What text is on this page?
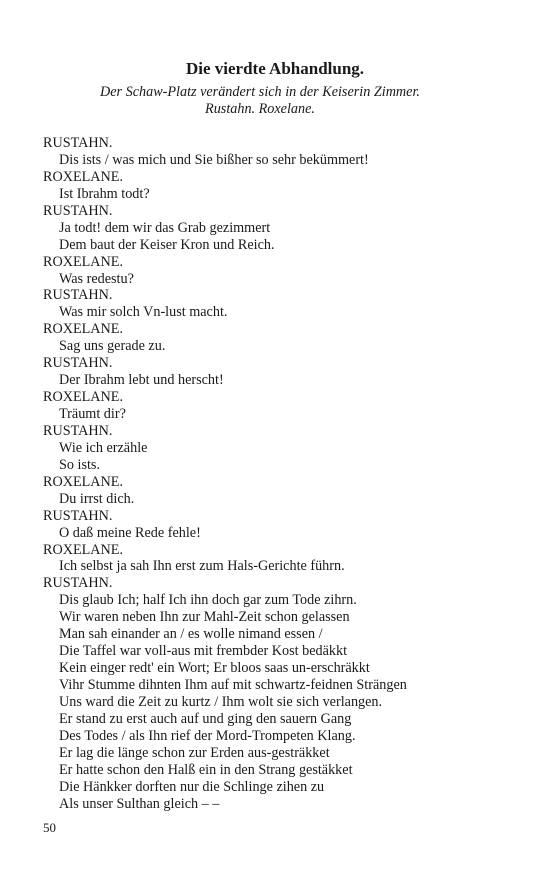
Die vierdte Abhandlung.
Der Schaw-Platz verändert sich in der Keiserin Zimmer.
Rustahn. Roxelane.
RUSTAHN.
Dis ists / was mich und Sie bißher so sehr bekümmert!
ROXELANE.
Ist Ibrahm todt?
RUSTAHN.
Ja todt! dem wir das Grab gezimmert
Dem baut der Keiser Kron und Reich.
ROXELANE.
Was redestu?
RUSTAHN.
Was mir solch Vn-lust macht.
ROXELANE.
Sag uns gerade zu.
RUSTAHN.
Der Ibrahm lebt und herscht!
ROXELANE.
Träumt dir?
RUSTAHN.
Wie ich erzähle
So ists.
ROXELANE.
Du irrst dich.
RUSTAHN.
O daß meine Rede fehle!
ROXELANE.
Ich selbst ja sah Ihn erst zum Hals-Gerichte führn.
RUSTAHN.
Dis glaub Ich; half Ich ihn doch gar zum Tode zihrn.
Wir waren neben Ihn zur Mahl-Zeit schon gelassen
Man sah einander an / es wolle nimand essen /
Die Taffel war voll-aus mit frembder Kost bedäkkt
Kein einger redt' ein Wort; Er bloos saas un-erschräkkt
Vihr Stumme dihnten Ihm auf mit schwartz-feidnen Strängen
Uns ward die Zeit zu kurtz / Ihm wolt sie sich verlangen.
Er stand zu erst auch auf und ging den sauern Gang
Des Todes / als Ihn rief der Mord-Trompeten Klang.
Er lag die länge schon zur Erden aus-gesträkket
Er hatte schon den Halß ein in den Strang gestäkket
Die Hänkker dorften nur die Schlinge zihen zu
Als unser Sulthan gleich – –
50
